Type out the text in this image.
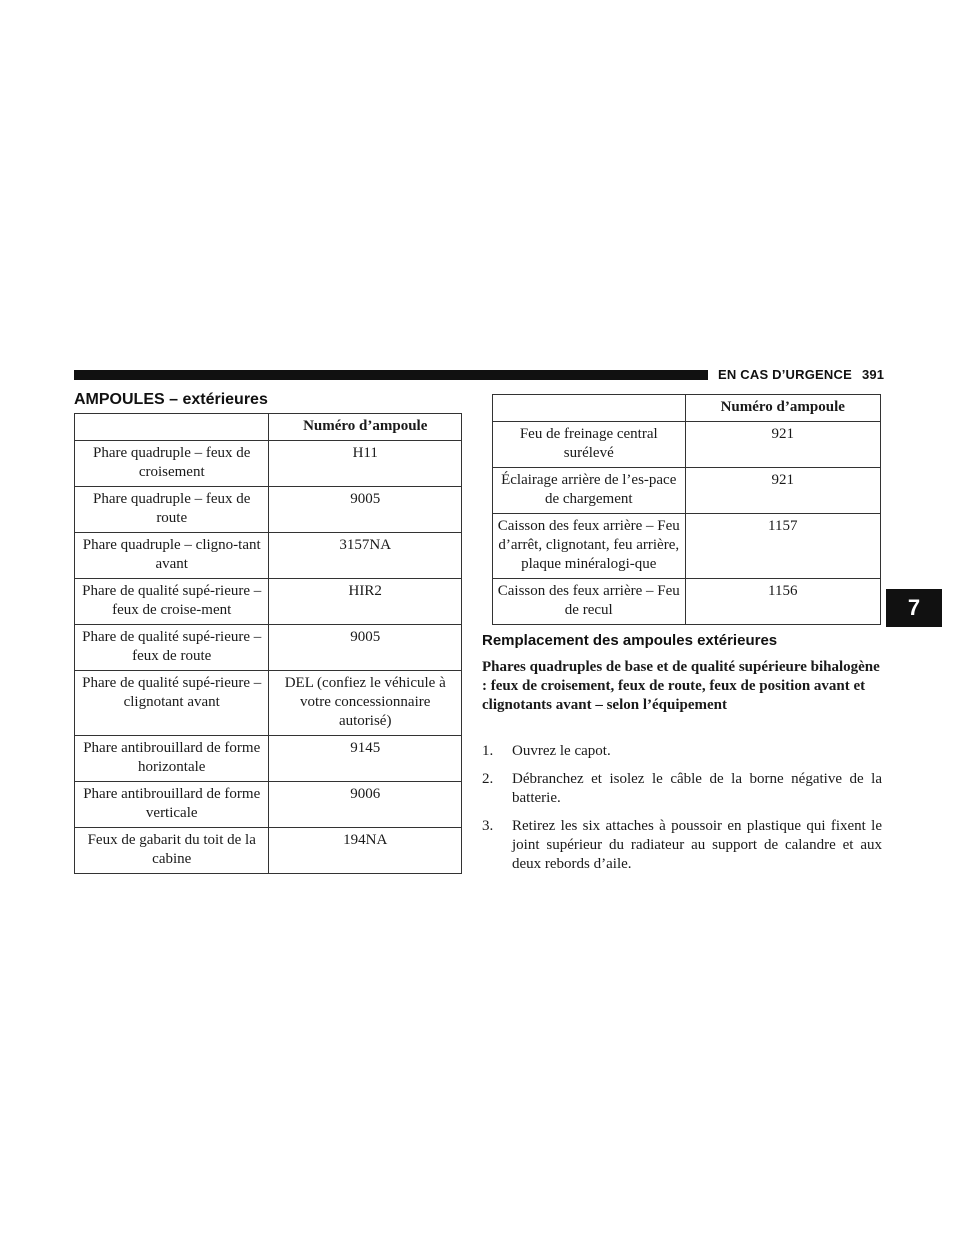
EN CAS D’URGENCE 391
7
AMPOULES – extérieures
	Numéro d’ampoule
Phare quadruple – feux de croisement	H11
Phare quadruple – feux de route	9005
Phare quadruple – cligno-tant avant	3157NA
Phare de qualité supé-rieure – feux de croise-ment	HIR2
Phare de qualité supé-rieure – feux de route	9005
Phare de qualité supé-rieure – clignotant avant	DEL (confiez le véhicule à votre concessionnaire autorisé)
Phare antibrouillard de forme horizontale	9145
Phare antibrouillard de forme verticale	9006
Feux de gabarit du toit de la cabine	194NA
	Numéro d’ampoule
Feu de freinage central surélevé	921
Éclairage arrière de l’es-pace de chargement	921
Caisson des feux arrière – Feu d’arrêt, clignotant, feu arrière, plaque minéralogi-que	1157
Caisson des feux arrière – Feu de recul	1156
Remplacement des ampoules extérieures

Phares quadruples de base et de qualité supérieure bihalogène : feux de croisement, feux de route, feux de position avant et clignotants avant – selon l’équipement

1. Ouvrez le capot.
2. Débranchez et isolez le câble de la borne négative de la batterie.
3. Retirez les six attaches à poussoir en plastique qui fixent le joint supérieur du radiateur au support de calandre et aux deux rebords d’aile.
